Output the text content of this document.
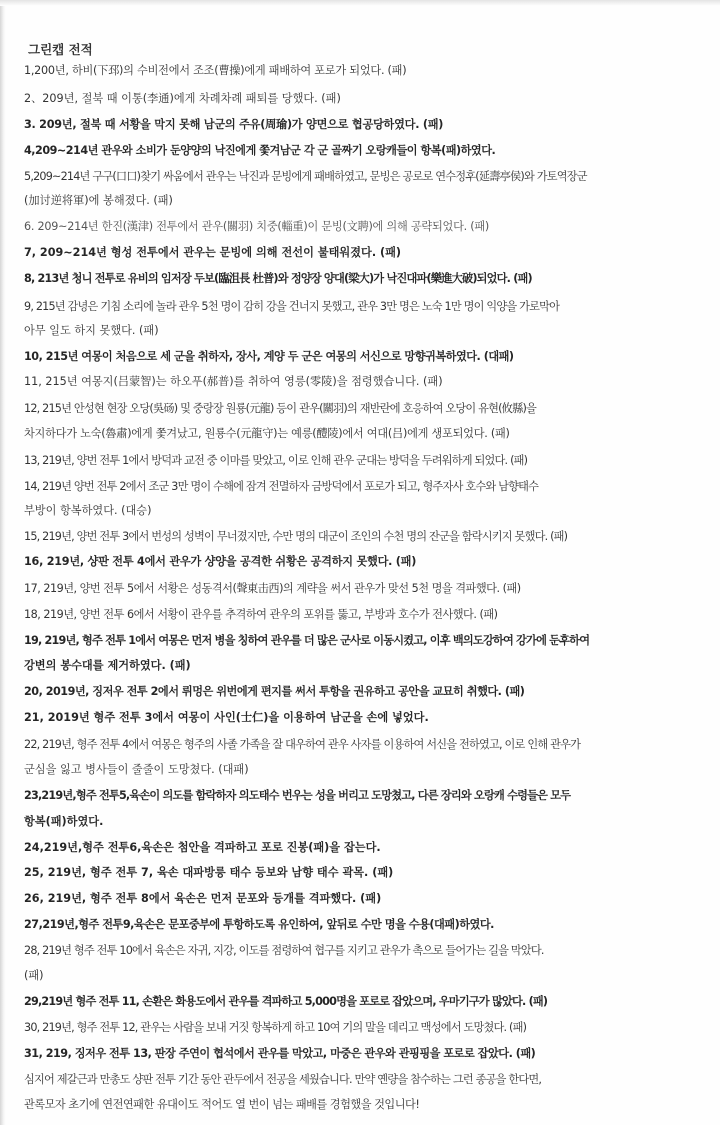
그린캡 전적
1,200년, 하비(下邳)의 수비전에서 조조(曹操)에게 패배하여 포로가 되었다. (패)
2、209년, 절북 때 이통(李通)에게 차례차례 패퇴를 당했다. (패)
3. 209년, 절북 때 서황을 막지 못해 남군의 주유(周瑜)가 양면으로 협공당하였다. (패)
4,209~214년 관우와 소비가 둔양양의 낙진에게 쫓겨남군 각 군 골짜기 오랑캐들이 항복(패)하였다.
5,209~214년 구구(口口)찾기 싸움에서 관우는 낙진과 문빙에게 패배하였고, 문빙은 공로로 연수정후(延壽亭侯)와 가토역장군
(加讨逆将軍)에 봉해졌다. (패)
6. 209~214년 한진(漢津) 전투에서 관우(關羽) 치중(輜重)이 문빙(文聘)에 의해 공략되었다. (패)
7, 209~214년 형성 전투에서 관우는 문빙에 의해 전선이 불태워졌다. (패)
8, 213년 청니 전투로 유비의 임저장 두보(臨沮長 杜普)와 정양장 양대(梁大)가 낙진대파(樂進大破)되었다. (패)
9, 215년 감녕은 기침 소리에 놀라 관우 5천 명이 감히 강을 건너지 못했고, 관우 3만 명은 노숙 1만 명이 익양을 가로막아
아무 일도 하지 못했다. (패)
10, 215년 여몽이 처음으로 세 군을 취하자, 장사, 계양 두 군은 여몽의 서신으로 망향귀복하였다. (대패)
11, 215년 여몽지(吕蒙智)는 하오푸(郝普)를 취하여 영릉(零陵)을 점령했습니다. (패)
12, 215년 안성현 현장 오당(吳砀) 및 중랑장 원룡(元龍) 등이 관우(關羽)의 재반란에 호응하여 오당이 유현(攸縣)을
차지하다가 노숙(魯肅)에게 쫓겨났고, 원룡수(元龍守)는 예릉(醴陵)에서 여대(吕)에게 생포되었다. (패)
13, 219년, 양번 전투 1에서 방덕과 교전 중 이마를 맞았고, 이로 인해 관우 군대는 방덕을 두려워하게 되었다. (패)
14, 219년 양번 전투 2에서 조군 3만 명이 수해에 잠겨 전멸하자 금방덕에서 포로가 되고, 형주자사 호수와 남향태수
부방이 항복하였다. (대승)
15, 219년, 양번 전투 3에서 번성의 성벽이 무너졌지만, 수만 명의 대군이 조인의 수천 명의 잔군을 함락시키지 못했다. (패)
16, 219년, 샹판 전투 4에서 관우가 샹양을 공격한 쉬황은 공격하지 못했다. (패)
17, 219년, 양번 전투 5에서 서황은 성동격서(聲東击西)의 계략을 써서 관우가 맞선 5천 명을 격파했다. (패)
18, 219년, 양번 전투 6에서 서황이 관우를 추격하여 관우의 포위를 뚫고, 부방과 호수가 전사했다. (패)
19, 219년, 형주 전투 1에서 여몽은 먼저 병을 칭하여 관우를 더 많은 군사로 이동시켰고, 이후 백의도강하여 강가에 둔후하여
강변의 봉수대를 제거하였다. (패)
20, 2019년, 징저우 전투 2에서 뤼멍은 위번에게 편지를 써서 투항을 권유하고 공안을 교묘히 취했다. (패)
21, 2019년 형주 전투 3에서 여몽이 사인(士仁)을 이용하여 남군을 손에 넣었다.
22, 219년, 형주 전투 4에서 여몽은 형주의 사졸 가족을 잘 대우하여 관우 사자를 이용하여 서신을 전하였고, 이로 인해 관우가
군심을 잃고 병사들이 줄줄이 도망쳤다. (대패)
23,219년,형주 전투5,육손이 의도를 함락하자 의도태수 번우는 성을 버리고 도망쳤고, 다른 장리와 오랑캐 수령들은 모두
항복(패)하였다.
24,219년,형주 전투6,육손은 첨안을 격파하고 포로 진봉(패)을 잡는다.
25, 219년, 형주 전투 7, 육손 대파방릉 태수 등보와 남향 태수 곽목. (패)
26, 219년, 형주 전투 8에서 육손은 먼저 문포와 등개를 격파했다. (패)
27,219년,형주 전투9,육손은 문포중부에 투항하도록 유인하여, 앞뒤로 수만 명을 수용(대패)하였다.
28, 219년 형주 전투 10에서 육손은 자귀, 지강, 이도를 점령하여 협구를 지키고 관우가 촉으로 들어가는 길을 막았다.
(패)
29,219년 형주 전투 11, 손환은 화용도에서 관우를 격파하고 5,000명을 포로로 잡았으며, 우마기구가 많았다. (패)
30, 219년, 형주 전투 12, 관우는 사람을 보내 거짓 항복하게 하고 10여 기의 말을 데리고 맥성에서 도망쳤다. (패)
31, 219, 징저우 전투 13, 판장 주연이 협석에서 관우를 막았고, 마중은 관우와 관핑핑을 포로로 잡았다. (패)
심지어 제갈근과 만총도 샹판 전투 기간 동안 관두에서 전공을 세웠습니다. 만약 옌량을 참수하는 그런 종공을 한다면,
관록모자 초기에 연전연패한 유대이도 적어도 열 번이 넘는 패배를 경험했을 것입니다!
